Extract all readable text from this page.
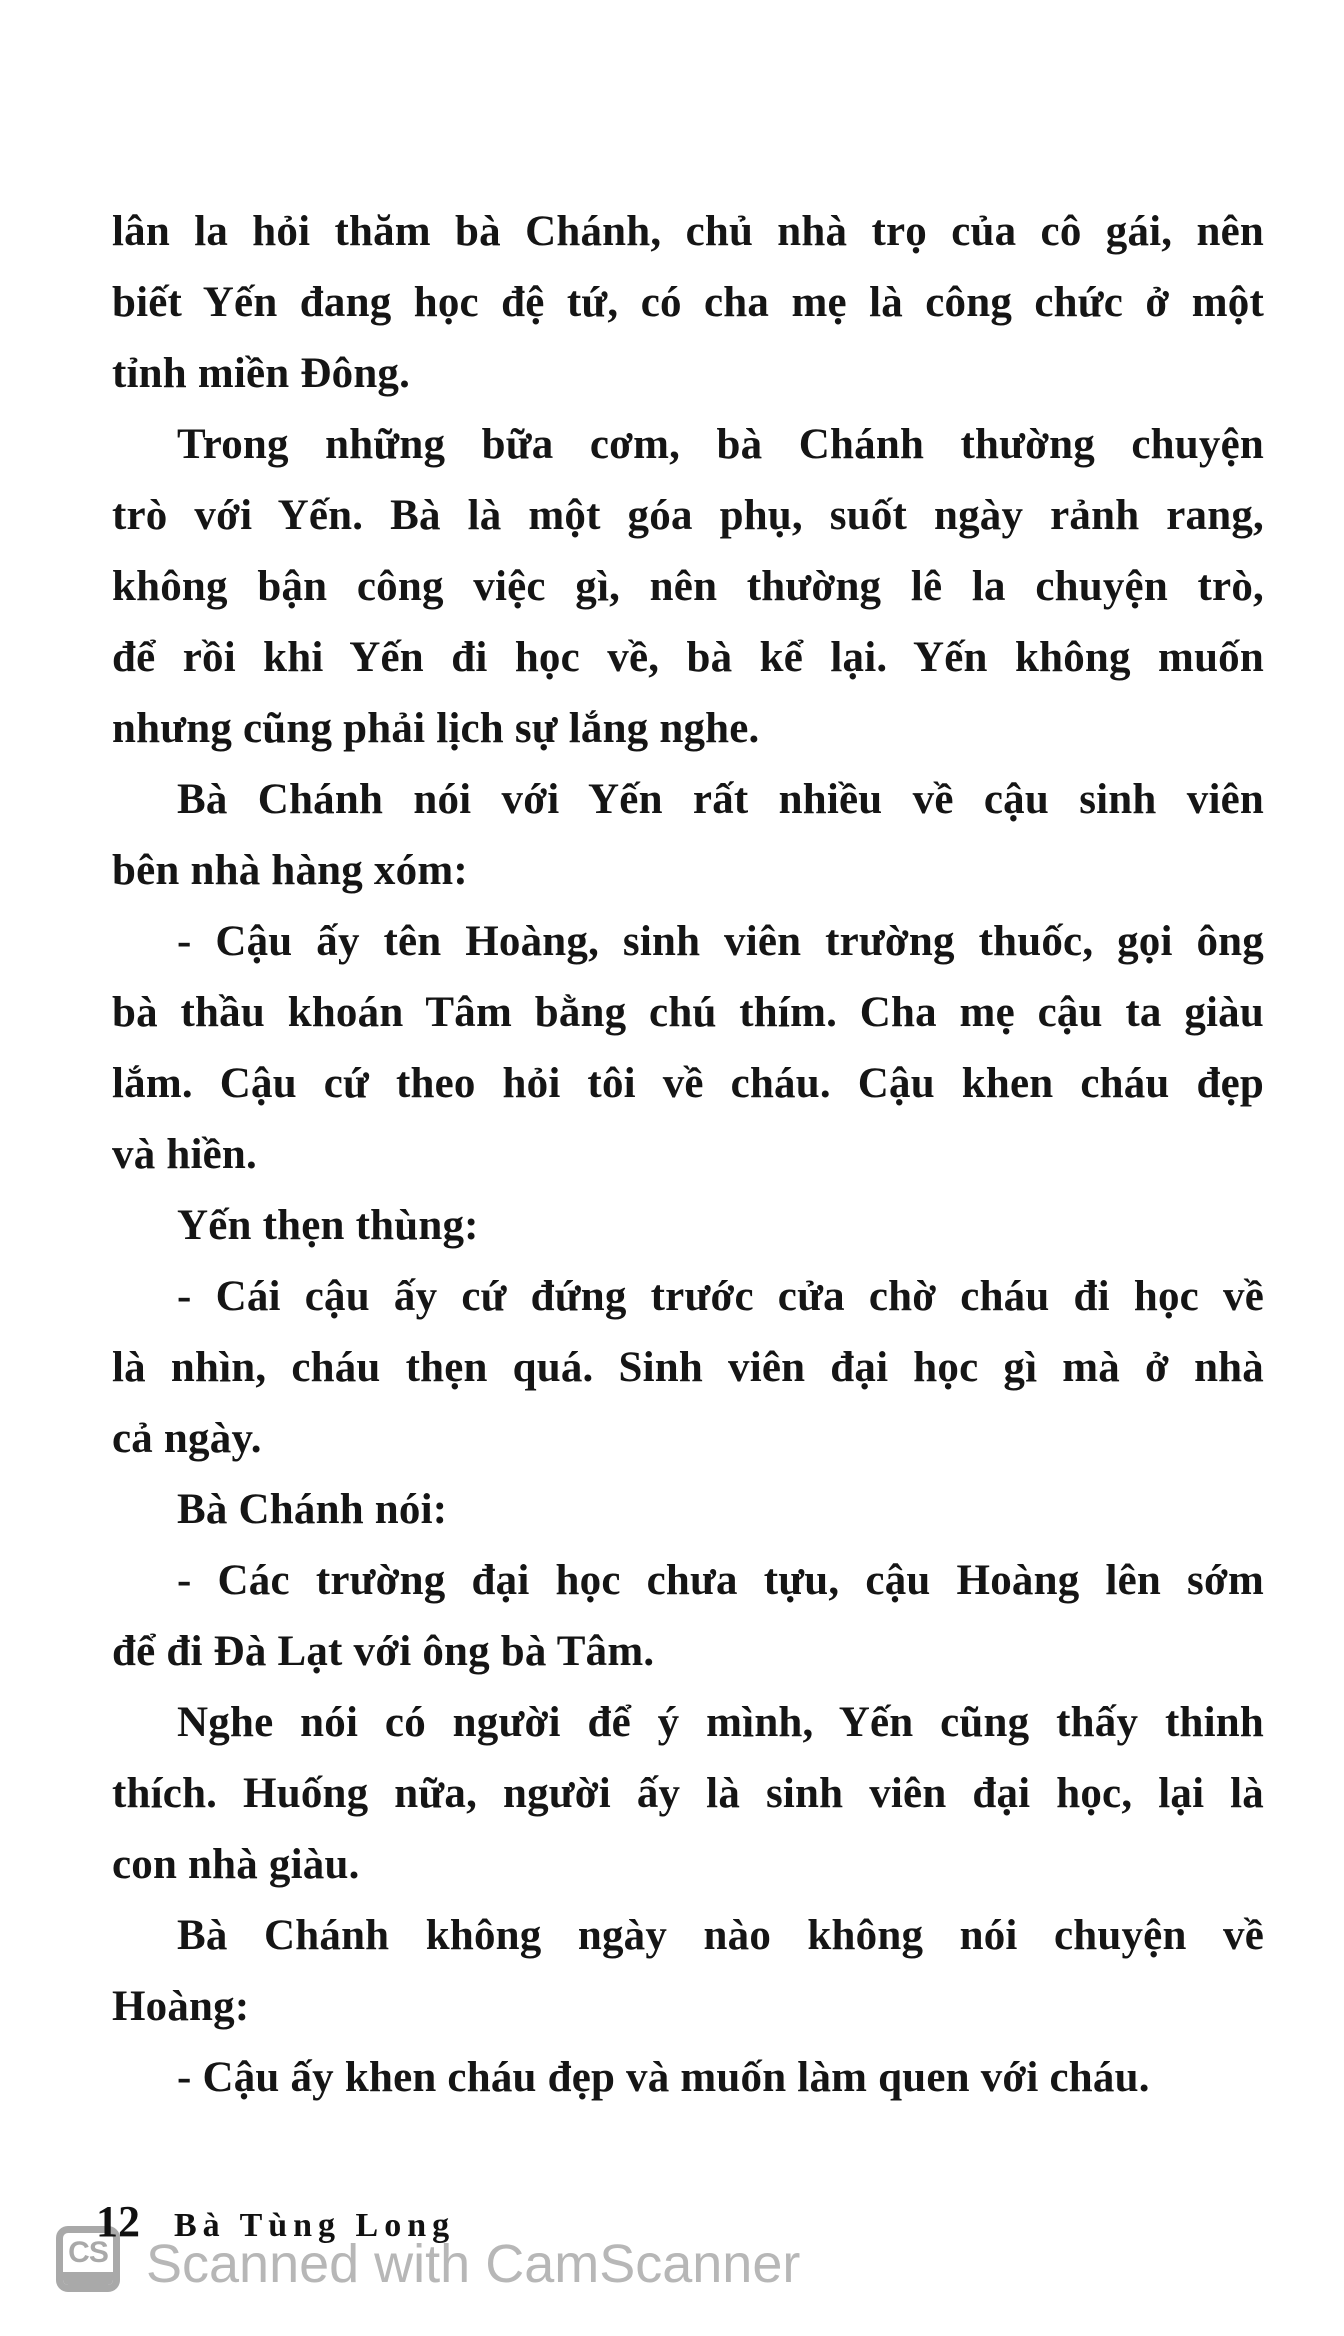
lân la hỏi thăm bà Chánh, chủ nhà trọ của cô gái, nên
biết Yến đang học đệ tứ, có cha mẹ là công chức ở một
tỉnh miền Đông.
Trong những bữa cơm, bà Chánh thường chuyện
trò với Yến. Bà là một góa phụ, suốt ngày rảnh rang,
không bận công việc gì, nên thường lê la chuyện trò,
để rồi khi Yến đi học về, bà kể lại. Yến không muốn
nhưng cũng phải lịch sự lắng nghe.
Bà Chánh nói với Yến rất nhiều về cậu sinh viên
bên nhà hàng xóm:
- Cậu ấy tên Hoàng, sinh viên trường thuốc, gọi ông
bà thầu khoán Tâm bằng chú thím. Cha mẹ cậu ta giàu
lắm. Cậu cứ theo hỏi tôi về cháu. Cậu khen cháu đẹp
và hiền.
Yến thẹn thùng:
- Cái cậu ấy cứ đứng trước cửa chờ cháu đi học về
là nhìn, cháu thẹn quá. Sinh viên đại học gì mà ở nhà
cả ngày.
Bà Chánh nói:
- Các trường đại học chưa tựu, cậu Hoàng lên sớm
để đi Đà Lạt với ông bà Tâm.
Nghe nói có người để ý mình, Yến cũng thấy thinh
thích. Huống nữa, người ấy là sinh viên đại học, lại là
con nhà giàu.
Bà Chánh không ngày nào không nói chuyện về
Hoàng:
- Cậu ấy khen cháu đẹp và muốn làm quen với cháu.
12 Bà Tùng Long
CS Scanned with CamScanner
